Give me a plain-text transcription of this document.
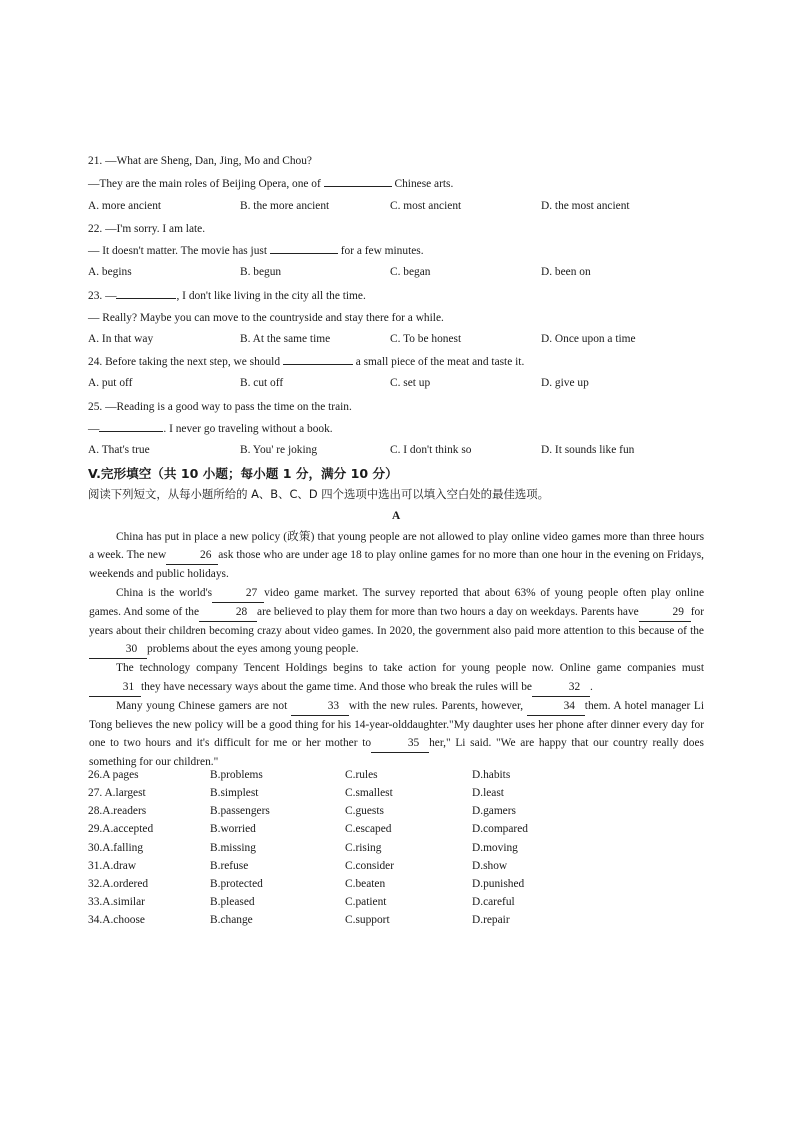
21. —What are Sheng, Dan, Jing, Mo and Chou?
—They are the main roles of Beijing Opera, one of	Chinese arts.
A. more ancient	B. the more ancient	C. most ancient	D. the most ancient
22. —I'm sorry. I am late.
— It doesn't matter. The movie has just	for a few minutes.
A. begins	B. begun	C. began	D. been on
23. —	, I don't like living in the city all the time.
— Really? Maybe you can move to the countryside and stay there for a while.
A. In that way	B. At the same time	C. To be honest	D. Once upon a time
24. Before taking the next step, we should	a small piece of the meat and taste it.
A. put off	B. cut off	C. set up	D. give up
25. —Reading is a good way to pass the time on the train.
—	. I never go traveling without a book.
A. That's true	B. You' re joking	C. I don't think so	D. It sounds like fun
V.完形填空（共 10 小题；每小题 1 分，满分 10 分）
阅读下列短文，从每小题所给的 A、B、C、D 四个选项中选出可以填入空白处的最佳选项。
A

China has put in place a new policy (政策) that young people are not allowed to play online video games more than three hours a week. The new	26 ask those who are under age 18 to play online games for no more than one hour in the evening on Fridays, weekends and public holidays.

China is the world's	27 video game market. The survey reported that about 63% of young people often play online games. And some of the	28 are believed to play them for more than two hours a day on weekdays. Parents have	29 for years about their children becoming crazy about video games. In 2020, the government also paid more attention to this because of the30 problems about the eyes among young people.

The technology company Tencent Holdings begins to take action for young people now. Online game companies must31 they have necessary ways about the game time. And those who break the rules will be	32 .

Many young Chinese gamers are not	33 with the new rules. Parents, however,	34 them. A hotel manager Li Tong believes the new policy will be a good thing for his 14-year-olddaughter."My daughter uses her phone after dinner every day for one to two hours and it's difficult for me or her mother to	35 her," Li said. "We are happy that our country really does something for our children."

26.A pages	B.problems	C.rules	D.habits
27. A.largest	B.simplest	C.smallest	D.least
28.A.readers	B.passengers	C.guests	D.gamers
29.A.accepted	B.worried	C.escaped	D.compared
30.A.falling	B.missing	C.rising	D.moving
31.A.draw	B.refuse	C.consider	D.show
32.A.ordered	B.protected	C.beaten	D.punished
33.A.similar	B.pleased	C.patient	D.careful
34.A.choose	B.change	C.support	D.repair
